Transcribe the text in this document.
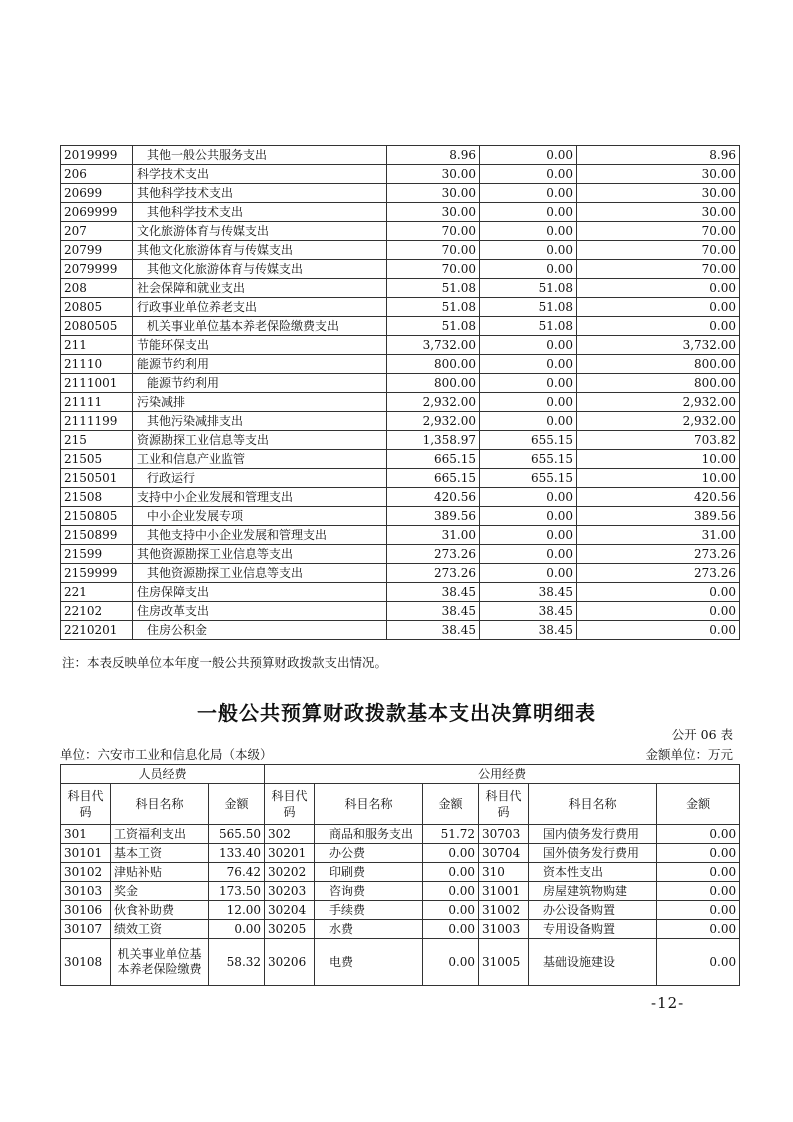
2019999	其他一般公共服务支出	8.96	0.00	8.96
206	科学技术支出	30.00	0.00	30.00
20699	其他科学技术支出	30.00	0.00	30.00
2069999	其他科学技术支出	30.00	0.00	30.00
207	文化旅游体育与传媒支出	70.00	0.00	70.00
20799	其他文化旅游体育与传媒支出	70.00	0.00	70.00
2079999	其他文化旅游体育与传媒支出	70.00	0.00	70.00
208	社会保障和就业支出	51.08	51.08	0.00
20805	行政事业单位养老支出	51.08	51.08	0.00
2080505	机关事业单位基本养老保险缴费支出	51.08	51.08	0.00
211	节能环保支出	3,732.00	0.00	3,732.00
21110	能源节约利用	800.00	0.00	800.00
2111001	能源节约利用	800.00	0.00	800.00
21111	污染减排	2,932.00	0.00	2,932.00
2111199	其他污染减排支出	2,932.00	0.00	2,932.00
215	资源勘探工业信息等支出	1,358.97	655.15	703.82
21505	工业和信息产业监管	665.15	655.15	10.00
2150501	行政运行	665.15	655.15	10.00
21508	支持中小企业发展和管理支出	420.56	0.00	420.56
2150805	中小企业发展专项	389.56	0.00	389.56
2150899	其他支持中小企业发展和管理支出	31.00	0.00	31.00
21599	其他资源勘探工业信息等支出	273.26	0.00	273.26
2159999	其他资源勘探工业信息等支出	273.26	0.00	273.26
221	住房保障支出	38.45	38.45	0.00
22102	住房改革支出	38.45	38.45	0.00
2210201	住房公积金	38.45	38.45	0.00
注：本表反映单位本年度一般公共预算财政拨款支出情况。
一般公共预算财政拨款基本支出决算明细表
公开 06 表
单位：六安市工业和信息化局（本级）	金额单位：万元
人员经费			公用经费					
科目代码	科目名称	金额	科目代码	科目名称	金额	科目代码	科目名称	金额
301	工资福利支出	565.50	302	商品和服务支出	51.72	30703	国内债务发行费用	0.00
30101	基本工资	133.40	30201	办公费	0.00	30704	国外债务发行费用	0.00
30102	津贴补贴	76.42	30202	印刷费	0.00	310	资本性支出	0.00
30103	奖金	173.50	30203	咨询费	0.00	31001	房屋建筑物购建	0.00
30106	伙食补助费	12.00	30204	手续费	0.00	31002	办公设备购置	0.00
30107	绩效工资	0.00	30205	水费	0.00	31003	专用设备购置	0.00
30108	机关事业单位基本养老保险缴费	58.32	30206	电费	0.00	31005	基础设施建设	0.00
-12-
